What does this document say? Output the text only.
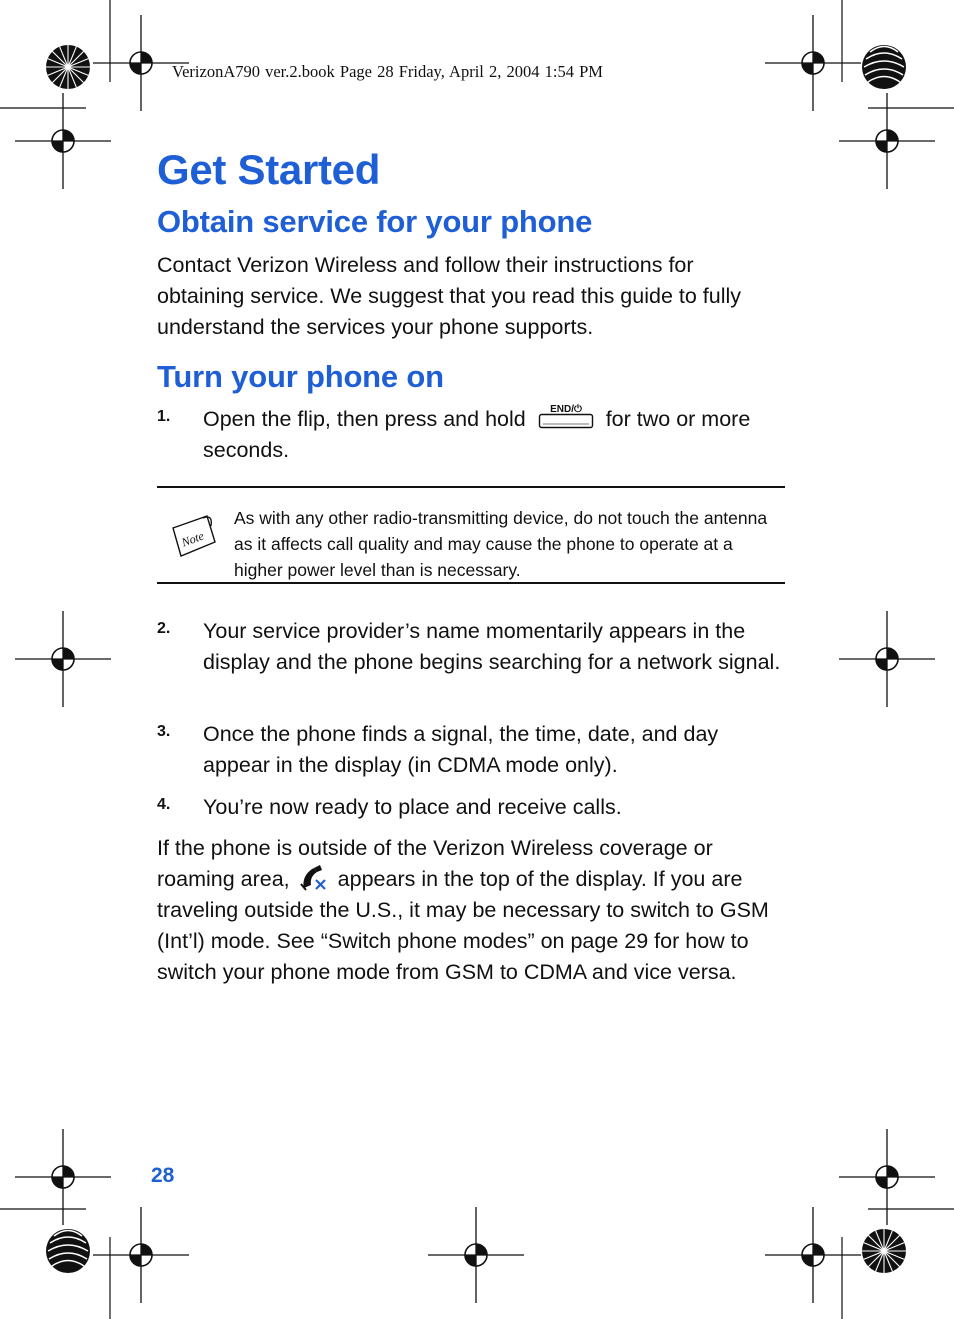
VerizonA790 ver.2.book Page 28 Friday, April 2, 2004 1:54 PM
Get Started
Obtain service for your phone

Contact Verizon Wireless and follow their instructions for obtaining service. We suggest that you read this guide to fully understand the services your phone supports.

Turn your phone on
1. Open the flip, then press and hold END/⏻ for two or more seconds.
Note
As with any other radio-transmitting device, do not touch the antenna as it affects call quality and may cause the phone to operate at a higher power level than is necessary.
2. Your service provider’s name momentarily appears in the display and the phone begins searching for a network signal.
3. Once the phone finds a signal, the time, date, and day appear in the display (in CDMA mode only).
4. You’re now ready to place and receive calls.

If the phone is outside of the Verizon Wireless coverage or roaming area, appears in the top of the display. If you are traveling outside the U.S., it may be necessary to switch to GSM (Int’l) mode. See “Switch phone modes” on page 29 for how to switch your phone mode from GSM to CDMA and vice versa.

28
